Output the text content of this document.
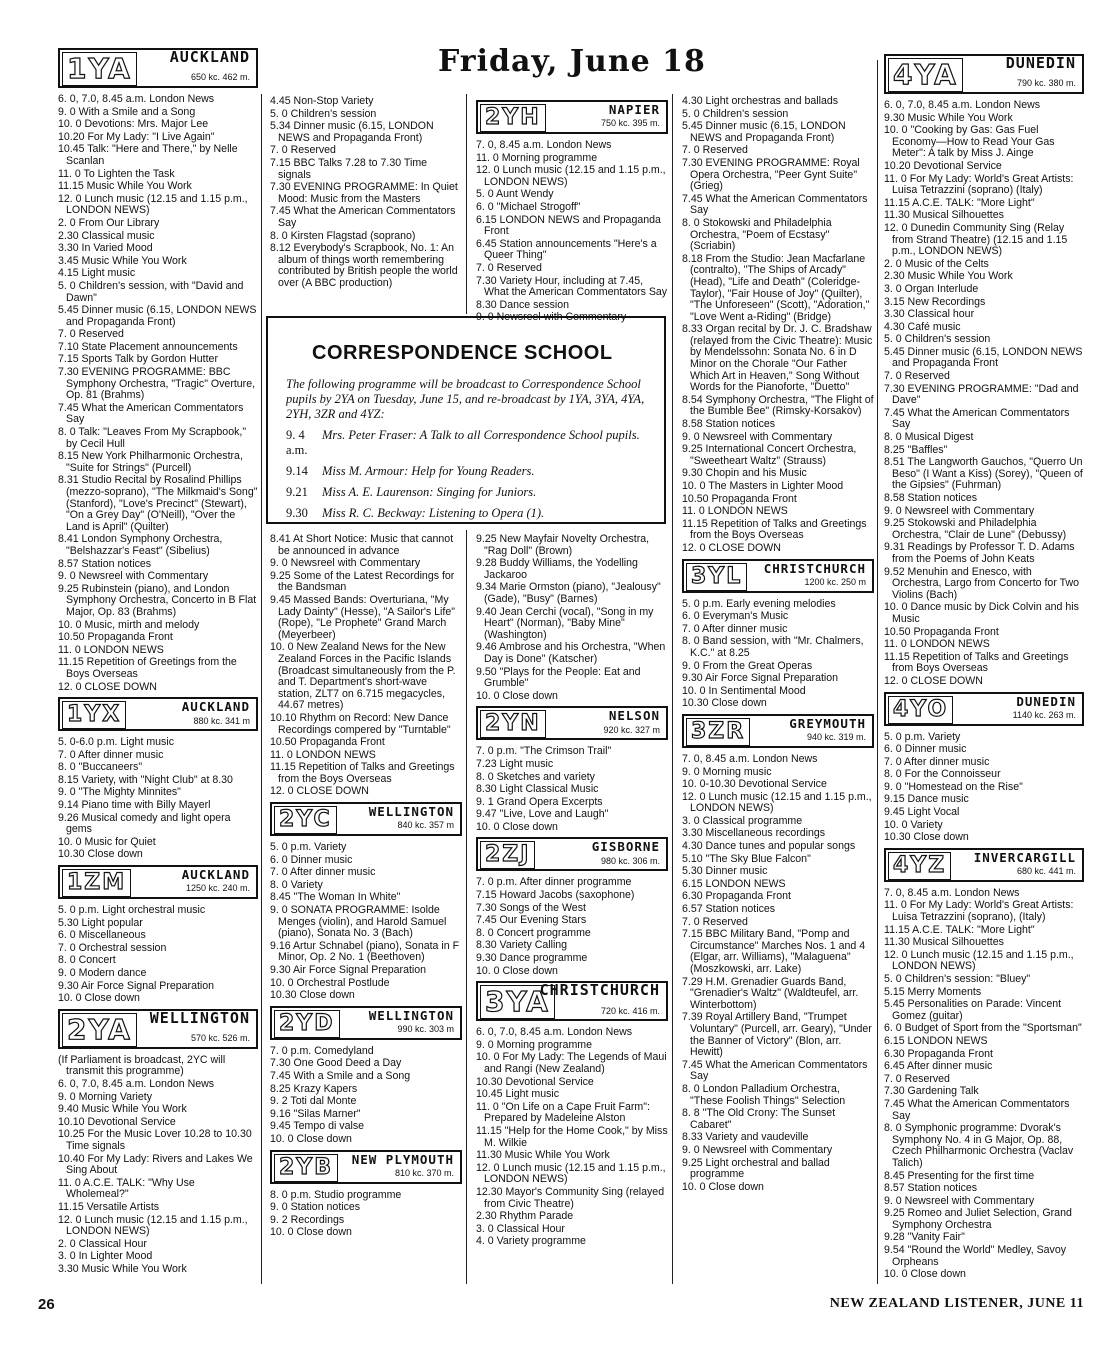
Friday, June 18
1YA	AUCKLAND
650 kc. 462 m.
6. 0, 7.0, 8.45 a.m. London News
9. 0 With a Smile and a Song
10. 0 Devotions: Mrs. Major Lee
10.20 For My Lady: "I Live Again"
10.45 Talk: "Here and There," by Nelle Scanlan
11. 0 To Lighten the Task
11.15 Music While You Work
12. 0 Lunch music (12.15 and 1.15 p.m., LONDON NEWS)
2. 0 From Our Library
2.30 Classical music
3.30 In Varied Mood
3.45 Music While You Work
4.15 Light music
5. 0 Children's session, with "David and Dawn"
5.45 Dinner music (6.15, LONDON NEWS and Propaganda Front)
7. 0 Reserved
7.10 State Placement announcements
7.15 Sports Talk by Gordon Hutter
7.30 EVENING PROGRAMME: BBC Symphony Orchestra, "Tragic" Overture, Op. 81 (Brahms)
7.45 What the American Commentators Say
8. 0 Talk: "Leaves From My Scrapbook," by Cecil Hull
8.15 New York Philharmonic Orchestra, "Suite for Strings" (Purcell)
8.31 Studio Recital by Rosalind Phillips (mezzo-soprano), "The Milkmaid's Song" (Stanford), "Love's Precinct" (Stewart), "On a Grey Day" (O'Neill), "Over the Land is April" (Quilter)
8.41 London Symphony Orchestra, "Belshazzar's Feast" (Sibelius)
8.57 Station notices
9. 0 Newsreel with Commentary
9.25 Rubinstein (piano), and London Symphony Orchestra, Concerto in B Flat Major, Op. 83 (Brahms)
10. 0 Music, mirth and melody
10.50 Propaganda Front
11. 0 LONDON NEWS
11.15 Repetition of Greetings from the Boys Overseas
12. 0 CLOSE DOWN
1YX	AUCKLAND
880 kc. 341 m
5. 0-6.0 p.m. Light music
7. 0 After dinner music
8. 0 "Buccaneers"
8.15 Variety, with "Night Club" at 8.30
9. 0 "The Mighty Minnites"
9.14 Piano time with Billy Mayerl
9.26 Musical comedy and light opera gems
10. 0 Music for Quiet
10.30 Close down
1ZM	AUCKLAND
1250 kc. 240 m.
5. 0 p.m. Light orchestral music
5.30 Light popular
6. 0 Miscellaneous
7. 0 Orchestral session
8. 0 Concert
9. 0 Modern dance
9.30 Air Force Signal Preparation
10. 0 Close down
2YA	WELLINGTON
570 kc. 526 m.
(If Parliament is broadcast, 2YC will transmit this programme)
6. 0, 7.0, 8.45 a.m. London News
9. 0 Morning Variety
9.40 Music While You Work
10.10 Devotional Service
10.25 For the Music Lover 10.28 to 10.30 Time signals
10.40 For My Lady: Rivers and Lakes We Sing About
11. 0 A.C.E. TALK: "Why Use Wholemeal?"
11.15 Versatile Artists
12. 0 Lunch music (12.15 and 1.15 p.m., LONDON NEWS)
2. 0 Classical Hour
3. 0 In Lighter Mood
3.30 Music While You Work
4.45 Non-Stop Variety
5. 0 Children's session
5.34 Dinner music (6.15, LONDON NEWS and Propaganda Front)
7. 0 Reserved
7.15 BBC Talks 7.28 to 7.30 Time signals
7.30 EVENING PROGRAMME: In Quiet Mood: Music from the Masters
7.45 What the American Commentators Say
8. 0 Kirsten Flagstad (soprano)
8.12 Everybody's Scrapbook, No. 1: An album of things worth remembering contributed by British people the world over (A BBC production)
2YH	NAPIER
750 kc. 395 m.
7. 0, 8.45 a.m. London News
11. 0 Morning programme
12. 0 Lunch music (12.15 and 1.15 p.m., LONDON NEWS)
5. 0 Aunt Wendy
6. 0 "Michael Strogoff"
6.15 LONDON NEWS and Propaganda Front
6.45 Station announcements "Here's a Queer Thing"
7. 0 Reserved
7.30 Variety Hour, including at 7.45, What the American Commentators Say
8.30 Dance session
9. 0 Newsreel with Commentary
CORRESPONDENCE SCHOOL

The following programme will be broadcast to Correspondence School pupils by 2YA on Tuesday, June 15, and re-broadcast by 1YA, 3YA, 4YA, 2YH, 3ZR and 4YZ:

9. 4 a.m.
Mrs. Peter Fraser: A Talk to all Correspondence School pupils.
9.14	Miss M. Armour: Help for Young Readers.
9.21	Miss A. E. Laurenson: Singing for Juniors.
9.30	Miss R. C. Beckway: Listening to Opera (1).
8.41 At Short Notice: Music that cannot be announced in advance
9. 0 Newsreel with Commentary
9.25 Some of the Latest Recordings for the Bandsman
9.45 Massed Bands: Overturiana, "My Lady Dainty" (Hesse), "A Sailor's Life" (Rope), "Le Prophete" Grand March (Meyerbeer)
10. 0 New Zealand News for the New Zealand Forces in the Pacific Islands (Broadcast simultaneously from the P. and T. Department's short-wave station, ZLT7 on 6.715 megacycles, 44.67 metres)
10.10 Rhythm on Record: New Dance Recordings compered by "Turntable"
10.50 Propaganda Front
11. 0 LONDON NEWS
11.15 Repetition of Talks and Greetings from the Boys Overseas
12. 0 CLOSE DOWN
2YC	WELLINGTON
840 kc. 357 m
5. 0 p.m. Variety
6. 0 Dinner music
7. 0 After dinner music
8. 0 Variety
8.45 "The Woman In White"
9. 0 SONATA PROGRAMME: Isolde Menges (violin), and Harold Samuel (piano), Sonata No. 3 (Bach)
9.16 Artur Schnabel (piano), Sonata in F Minor, Op. 2 No. 1 (Beethoven)
9.30 Air Force Signal Preparation
10. 0 Orchestral Postlude
10.30 Close down
2YD	WELLINGTON
990 kc. 303 m
7. 0 p.m. Comedyland
7.30 One Good Deed a Day
7.45 With a Smile and a Song
8.25 Krazy Kapers
9. 2 Toti dal Monte
9.16 "Silas Marner"
9.45 Tempo di valse
10. 0 Close down
2YB	NEW PLYMOUTH
810 kc. 370 m.
8. 0 p.m. Studio programme
9. 0 Station notices
9. 2 Recordings
10. 0 Close down
9.25 New Mayfair Novelty Orchestra, "Rag Doll" (Brown)
9.28 Buddy Williams, the Yodelling Jackaroo
9.34 Marie Ormston (piano), "Jealousy" (Gade), "Busy" (Barnes)
9.40 Jean Cerchi (vocal), "Song in my Heart" (Norman), "Baby Mine" (Washington)
9.46 Ambrose and his Orchestra, "When Day is Done" (Katscher)
9.50 "Plays for the People: Eat and Grumble"
10. 0 Close down
2YN	NELSON
920 kc. 327 m
7. 0 p.m. "The Crimson Trail"
7.23 Light music
8. 0 Sketches and variety
8.30 Light Classical Music
9. 1 Grand Opera Excerpts
9.47 "Live, Love and Laugh"
10. 0 Close down
2ZJ	GISBORNE
980 kc. 306 m.
7. 0 p.m. After dinner programme
7.15 Howard Jacobs (saxophone)
7.30 Songs of the West
7.45 Our Evening Stars
8. 0 Concert programme
8.30 Variety Calling
9.30 Dance programme
10. 0 Close down
3YA
CHRISTCHURCH
720 kc. 416 m.
6. 0, 7.0, 8.45 a.m. London News
9. 0 Morning programme
10. 0 For My Lady: The Legends of Maui and Rangi (New Zealand)
10.30 Devotional Service
10.45 Light music
11. 0 "On Life on a Cape Fruit Farm": Prepared by Madeleine Alston
11.15 "Help for the Home Cook," by Miss M. Wilkie
11.30 Music While You Work
12. 0 Lunch music (12.15 and 1.15 p.m., LONDON NEWS)
12.30 Mayor's Community Sing (relayed from Civic Theatre)
2.30 Rhythm Parade
3. 0 Classical Hour
4. 0 Variety programme
4.30 Light orchestras and ballads
5. 0 Children's session
5.45 Dinner music (6.15, LONDON NEWS and Propaganda Front)
7. 0 Reserved
7.30 EVENING PROGRAMME: Royal Opera Orchestra, "Peer Gynt Suite" (Grieg)
7.45 What the American Commentators Say
8. 0 Stokowski and Philadelphia Orchestra, "Poem of Ecstasy" (Scriabin)
8.18 From the Studio: Jean Macfarlane (contralto), "The Ships of Arcady" (Head), "Life and Death" (Coleridge-Taylor), "Fair House of Joy" (Quilter), "The Unforeseen" (Scott), "Adoration," "Love Went a-Riding" (Bridge)
8.33 Organ recital by Dr. J. C. Bradshaw (relayed from the Civic Theatre): Music by Mendelssohn: Sonata No. 6 in D Minor on the Chorale "Our Father Which Art in Heaven," Song Without Words for the Pianoforte, "Duetto"
8.54 Symphony Orchestra, "The Flight of the Bumble Bee" (Rimsky-Korsakov)
8.58 Station notices
9. 0 Newsreel with Commentary
9.25 International Concert Orchestra, "Sweetheart Waltz" (Strauss)
9.30 Chopin and his Music
10. 0 The Masters in Lighter Mood
10.50 Propaganda Front
11. 0 LONDON NEWS
11.15 Repetition of Talks and Greetings from the Boys Overseas
12. 0 CLOSE DOWN
3YL	CHRISTCHURCH
1200 kc. 250 m
5. 0 p.m. Early evening melodies
6. 0 Everyman's Music
7. 0 After dinner music
8. 0 Band session, with "Mr. Chalmers, K.C." at 8.25
9. 0 From the Great Operas
9.30 Air Force Signal Preparation
10. 0 In Sentimental Mood
10.30 Close down
3ZR	GREYMOUTH
940 kc. 319 m.
7. 0, 8.45 a.m. London News
9. 0 Morning music
10. 0-10.30 Devotional Service
12. 0 Lunch music (12.15 and 1.15 p.m., LONDON NEWS)
3. 0 Classical programme
3.30 Miscellaneous recordings
4.30 Dance tunes and popular songs
5.10 "The Sky Blue Falcon"
5.30 Dinner music
6.15 LONDON NEWS
6.30 Propaganda Front
6.57 Station notices
7. 0 Reserved
7.15 BBC Military Band, "Pomp and Circumstance" Marches Nos. 1 and 4 (Elgar, arr. Williams), "Malaguena" (Moszkowski, arr. Lake)
7.29 H.M. Grenadier Guards Band, "Grenadier's Waltz" (Waldteufel, arr. Winterbottom)
7.39 Royal Artillery Band, "Trumpet Voluntary" (Purcell, arr. Geary), "Under the Banner of Victory" (Blon, arr. Hewitt)
7.45 What the American Commentators Say
8. 0 London Palladium Orchestra, "These Foolish Things" Selection
8. 8 "The Old Crony: The Sunset Cabaret"
8.33 Variety and vaudeville
9. 0 Newsreel with Commentary
9.25 Light orchestral and ballad programme
10. 0 Close down
4YA	DUNEDIN
790 kc. 380 m.
6. 0, 7.0, 8.45 a.m. London News
9.30 Music While You Work
10. 0 "Cooking by Gas: Gas Fuel Economy—How to Read Your Gas Meter": A talk by Miss J. Ainge
10.20 Devotional Service
11. 0 For My Lady: World's Great Artists: Luisa Tetrazzini (soprano) (Italy)
11.15 A.C.E. TALK: "More Light"
11.30 Musical Silhouettes
12. 0 Dunedin Community Sing (Relay from Strand Theatre) (12.15 and 1.15 p.m., LONDON NEWS)
2. 0 Music of the Celts
2.30 Music While You Work
3. 0 Organ Interlude
3.15 New Recordings
3.30 Classical hour
4.30 Café music
5. 0 Children's session
5.45 Dinner music (6.15, LONDON NEWS and Propaganda Front
7. 0 Reserved
7.30 EVENING PROGRAMME: "Dad and Dave"
7.45 What the American Commentators Say
8. 0 Musical Digest
8.25 "Baffles"
8.51 The Langworth Gauchos, "Querro Un Beso" (I Want a Kiss) (Sorey), "Queen of the Gipsies" (Fuhrman)
8.58 Station notices
9. 0 Newsreel with Commentary
9.25 Stokowski and Philadelphia Orchestra, "Clair de Lune" (Debussy)
9.31 Readings by Professor T. D. Adams from the Poems of John Keats
9.52 Menuhin and Enesco, with Orchestra, Largo from Concerto for Two Violins (Bach)
10. 0 Dance music by Dick Colvin and his Music
10.50 Propaganda Front
11. 0 LONDON NEWS
11.15 Repetition of Talks and Greetings from Boys Overseas
12. 0 CLOSE DOWN
4YO	DUNEDIN
1140 kc. 263 m.
5. 0 p.m. Variety
6. 0 Dinner music
7. 0 After dinner music
8. 0 For the Connoisseur
9. 0 "Homestead on the Rise"
9.15 Dance music
9.45 Light Vocal
10. 0 Variety
10.30 Close down
4YZ	INVERCARGILL
680 kc. 441 m.
7. 0, 8.45 a.m. London News
11. 0 For My Lady: World's Great Artists: Luisa Tetrazzini (soprano), (Italy)
11.15 A.C.E. TALK: "More Light"
11.30 Musical Silhouettes
12. 0 Lunch music (12.15 and 1.15 p.m., LONDON NEWS)
5. 0 Children's session: "Bluey"
5.15 Merry Moments
5.45 Personalities on Parade: Vincent Gomez (guitar)
6. 0 Budget of Sport from the "Sportsman"
6.15 LONDON NEWS
6.30 Propaganda Front
6.45 After dinner music
7. 0 Reserved
7.30 Gardening Talk
7.45 What the American Commentators Say
8. 0 Symphonic programme: Dvorak's Symphony No. 4 in G Major, Op. 88, Czech Philharmonic Orchestra (Vaclav Talich)
8.45 Presenting for the first time
8.57 Station notices
9. 0 Newsreel with Commentary
9.25 Romeo and Juliet Selection, Grand Symphony Orchestra
9.28 "Vanity Fair"
9.54 "Round the World" Medley, Savoy Orpheans
10. 0 Close down
26	NEW ZEALAND LISTENER, JUNE 11
